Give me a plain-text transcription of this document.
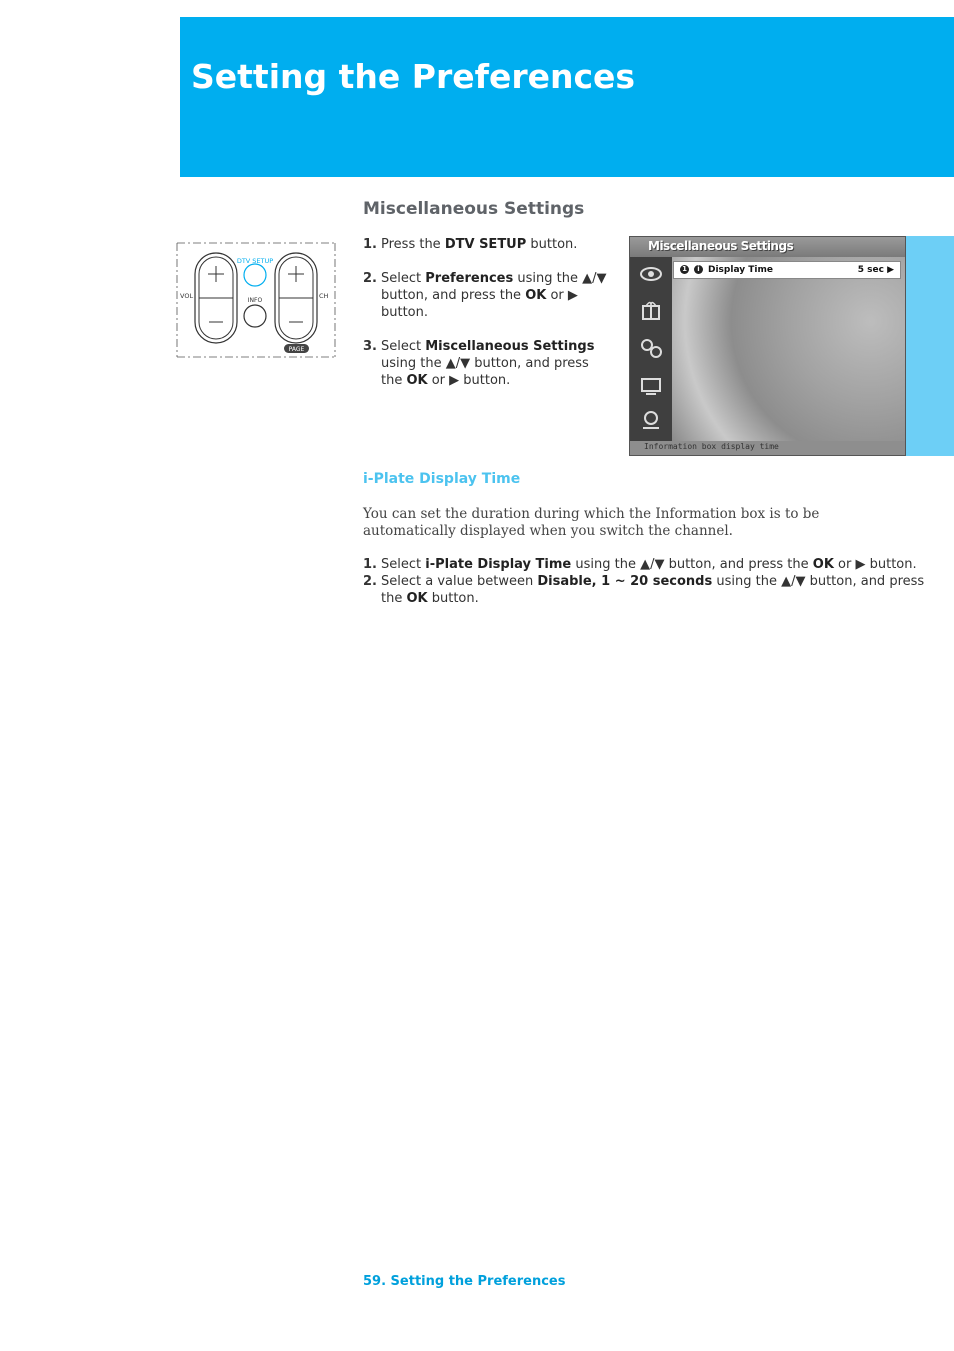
Setting the Preferences
Miscellaneous Settings
DTV SETUP
INFO
VOL	CH
PAGE
1. Press the DTV SETUP button.
2. Select Preferences using the ▲/▼ button, and press the OK or ▶ button.
3. Select Miscellaneous Settings using the ▲/▼ button, and press the OK or ▶ button.
Miscellaneous Settings
1	i Display Time	5 sec ▶
Information box display time
i-Plate Display Time

You can set the duration during which the Information box is to be automatically displayed when you switch the channel.

1. Select i-Plate Display Time using the ▲/▼ button, and press the OK or ▶ button.
2. Select a value between Disable, 1 ~ 20 seconds using the ▲/▼ button, and press the OK button.

59. Setting the Preferences
